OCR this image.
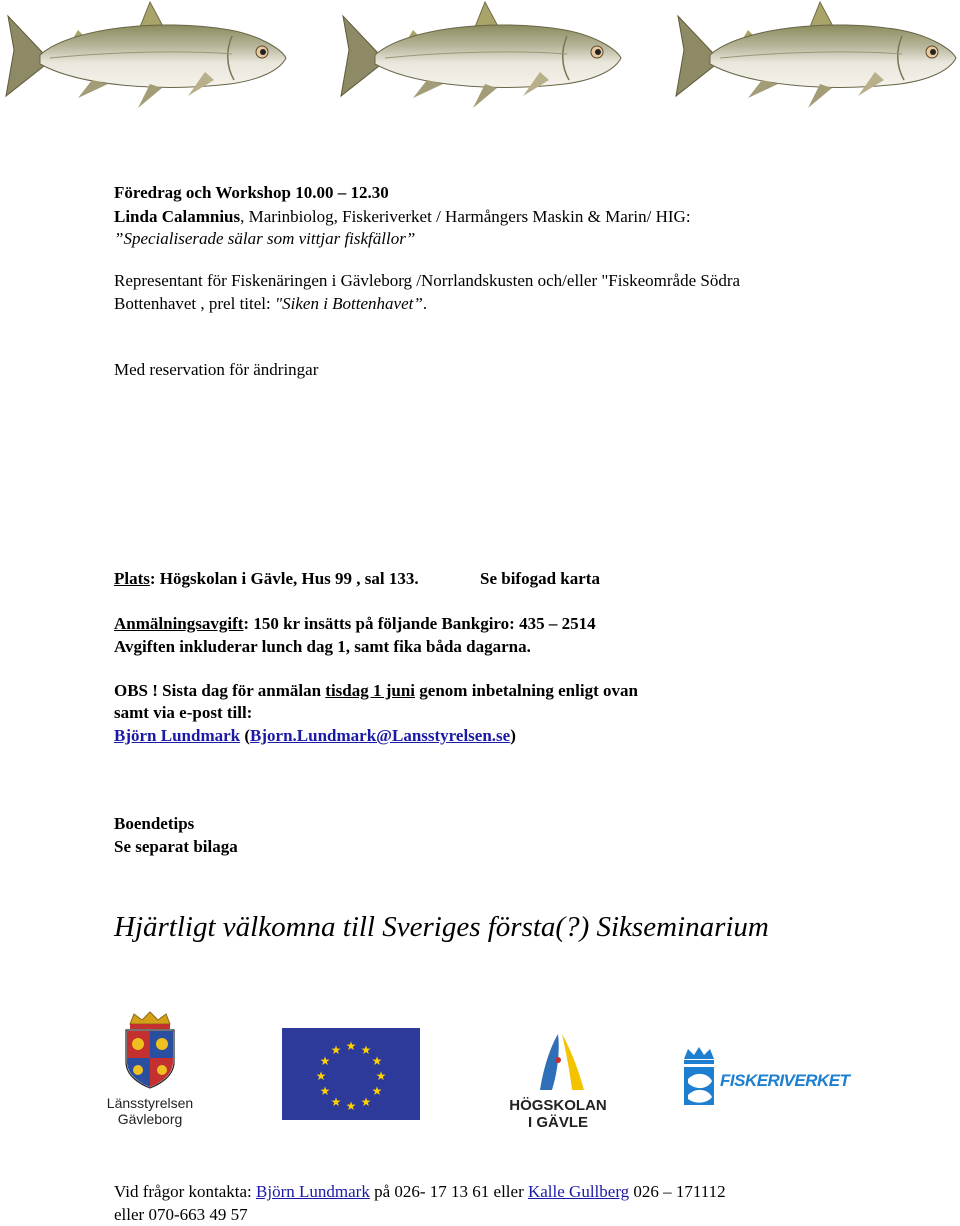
Föredrag och Workshop 10.00 – 12.30
Linda Calamnius, Marinbiolog, Fiskeriverket / Harmångers Maskin & Marin/ HIG:
”Specialiserade sälar som vittjar fiskfällor”
Representant för Fiskenäringen i Gävleborg /Norrlandskusten och/eller "Fiskeområde Södra
Bottenhavet , prel titel: "Siken i Bottenhavet”.
Med reservation för ändringar
Plats: Högskolan i Gävle, Hus 99 , sal 133.	Se bifogad karta
Anmälningsavgift: 150 kr insätts på följande Bankgiro: 435 – 2514
Avgiften inkluderar lunch dag 1, samt fika båda dagarna.
OBS ! Sista dag för anmälan tisdag 1 juni genom inbetalning enligt ovan
samt via e-post till:
Björn Lundmark (Bjorn.Lundmark@Lansstyrelsen.se)
Boendetips
Se separat bilaga
Hjärtligt välkomna till Sveriges första(?) Sikseminarium
Länsstyrelsen
Gävleborg
★ ★
★
★
★
★
★
★
★
★
★
★
HÖGSKOLAN
I GÄVLE
FISKERIVERKET
Vid frågor kontakta: Björn Lundmark på 026- 17 13 61 eller Kalle Gullberg 026 – 171112
eller 070-663 49 57
